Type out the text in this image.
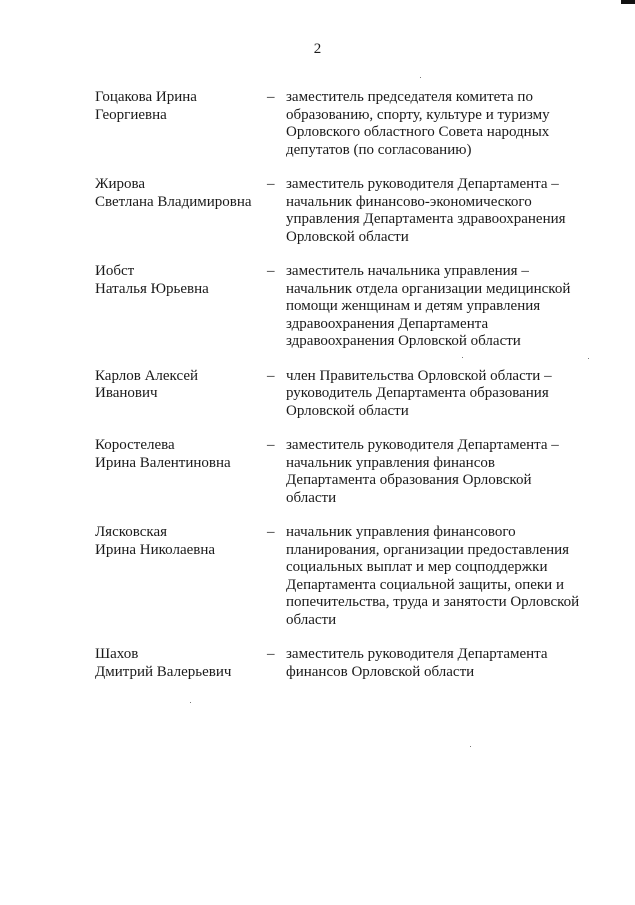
2
Гоцакова Ирина
Георгиевна
– заместитель председателя комитета по
образованию, спорту, культуре и туризму
Орловского областного Совета народных
депутатов (по согласованию)
Жирова
Светлана Владимировна
– заместитель руководителя Департамента –
начальник финансово-экономического
управления Департамента здравоохранения
Орловской области
Иобст
Наталья Юрьевна
– заместитель начальника управления –
начальник отдела организации медицинской
помощи женщинам и детям управления
здравоохранения Департамента
здравоохранения Орловской области
Карлов Алексей
Иванович
– член Правительства Орловской области –
руководитель Департамента образования
Орловской области
Коростелева
Ирина Валентиновна
– заместитель руководителя Департамента –
начальник управления финансов
Департамента образования Орловской
области
Лясковская
Ирина Николаевна
– начальник управления финансового
планирования, организации предоставления
социальных выплат и мер соцподдержки
Департамента социальной защиты, опеки и
попечительства, труда и занятости Орловской
области
Шахов
Дмитрий Валерьевич
– заместитель руководителя Департамента
финансов Орловской области
